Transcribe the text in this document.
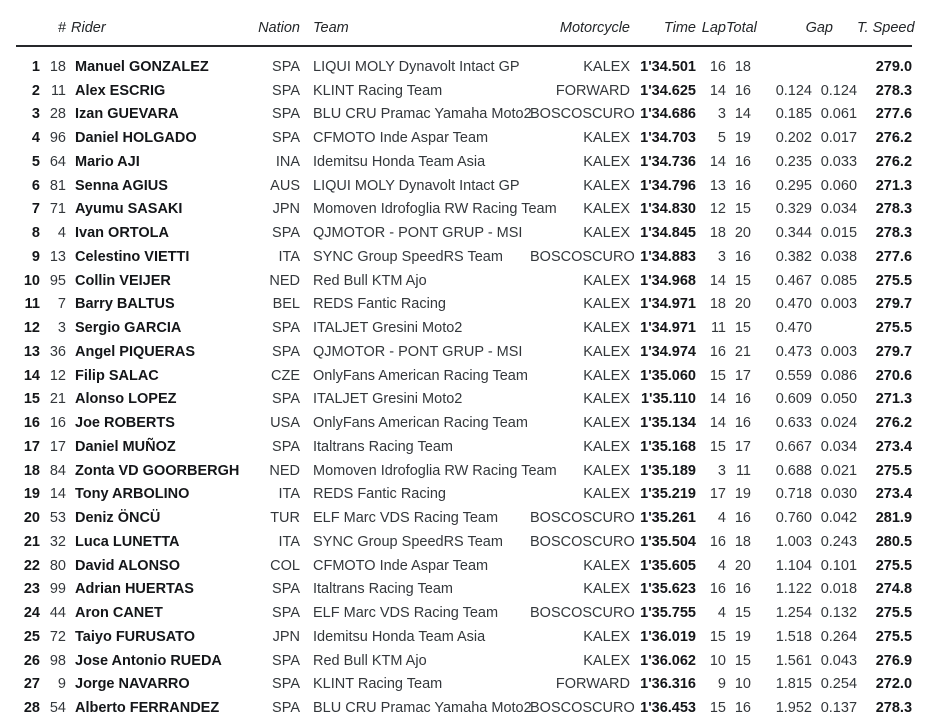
	#	Rider	Nation	Team	Motorcycle	Time	Lap	Total	Gap		T. Speed
1	18	Manuel GONZALEZ	SPA	LIQUI MOLY Dynavolt Intact GP	KALEX	1'34.501	16	18			279.0
2	11	Alex ESCRIG	SPA	KLINT Racing Team	FORWARD	1'34.625	14	16	0.124	0.124	278.3
3	28	Izan GUEVARA	SPA	BLU CRU Pramac Yamaha Moto2	BOSCOSCURO	1'34.686	3	14	0.185	0.061	277.6
4	96	Daniel HOLGADO	SPA	CFMOTO Inde Aspar Team	KALEX	1'34.703	5	19	0.202	0.017	276.2
5	64	Mario AJI	INA	Idemitsu Honda Team Asia	KALEX	1'34.736	14	16	0.235	0.033	276.2
6	81	Senna AGIUS	AUS	LIQUI MOLY Dynavolt Intact GP	KALEX	1'34.796	13	16	0.295	0.060	271.3
7	71	Ayumu SASAKI	JPN	Momoven Idrofoglia RW Racing Team	KALEX	1'34.830	12	15	0.329	0.034	278.3
8	4	Ivan ORTOLA	SPA	QJMOTOR - PONT GRUP - MSI	KALEX	1'34.845	18	20	0.344	0.015	278.3
9	13	Celestino VIETTI	ITA	SYNC Group SpeedRS Team	BOSCOSCURO	1'34.883	3	16	0.382	0.038	277.6
10	95	Collin VEIJER	NED	Red Bull KTM Ajo	KALEX	1'34.968	14	15	0.467	0.085	275.5
11	7	Barry BALTUS	BEL	REDS Fantic Racing	KALEX	1'34.971	18	20	0.470	0.003	279.7
12	3	Sergio GARCIA	SPA	ITALJET Gresini Moto2	KALEX	1'34.971	11	15	0.470		275.5
13	36	Angel PIQUERAS	SPA	QJMOTOR - PONT GRUP - MSI	KALEX	1'34.974	16	21	0.473	0.003	279.7
14	12	Filip SALAC	CZE	OnlyFans American Racing Team	KALEX	1'35.060	15	17	0.559	0.086	270.6
15	21	Alonso LOPEZ	SPA	ITALJET Gresini Moto2	KALEX	1'35.110	14	16	0.609	0.050	271.3
16	16	Joe ROBERTS	USA	OnlyFans American Racing Team	KALEX	1'35.134	14	16	0.633	0.024	276.2
17	17	Daniel MUÑOZ	SPA	Italtrans Racing Team	KALEX	1'35.168	15	17	0.667	0.034	273.4
18	84	Zonta VD GOORBERGH	NED	Momoven Idrofoglia RW Racing Team	KALEX	1'35.189	3	11	0.688	0.021	275.5
19	14	Tony ARBOLINO	ITA	REDS Fantic Racing	KALEX	1'35.219	17	19	0.718	0.030	273.4
20	53	Deniz ÖNCÜ	TUR	ELF Marc VDS Racing Team	BOSCOSCURO	1'35.261	4	16	0.760	0.042	281.9
21	32	Luca LUNETTA	ITA	SYNC Group SpeedRS Team	BOSCOSCURO	1'35.504	16	18	1.003	0.243	280.5
22	80	David ALONSO	COL	CFMOTO Inde Aspar Team	KALEX	1'35.605	4	20	1.104	0.101	275.5
23	99	Adrian HUERTAS	SPA	Italtrans Racing Team	KALEX	1'35.623	16	16	1.122	0.018	274.8
24	44	Aron CANET	SPA	ELF Marc VDS Racing Team	BOSCOSCURO	1'35.755	4	15	1.254	0.132	275.5
25	72	Taiyo FURUSATO	JPN	Idemitsu Honda Team Asia	KALEX	1'36.019	15	19	1.518	0.264	275.5
26	98	Jose Antonio RUEDA	SPA	Red Bull KTM Ajo	KALEX	1'36.062	10	15	1.561	0.043	276.9
27	9	Jorge NAVARRO	SPA	KLINT Racing Team	FORWARD	1'36.316	9	10	1.815	0.254	272.0
28	54	Alberto FERRANDEZ	SPA	BLU CRU Pramac Yamaha Moto2	BOSCOSCURO	1'36.453	15	16	1.952	0.137	278.3
